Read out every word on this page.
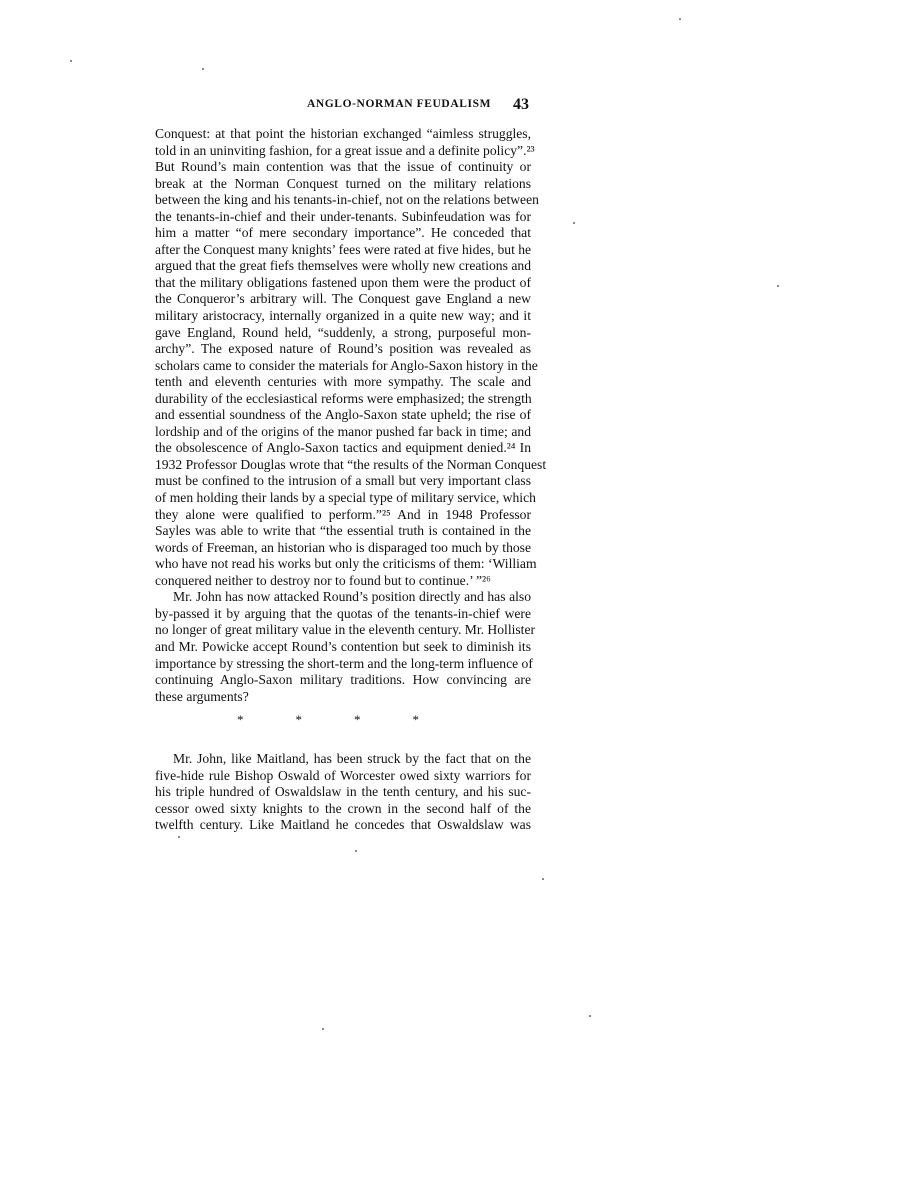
ANGLO-NORMAN FEUDALISM	43
Conquest: at that point the historian exchanged “aimless struggles,
told in an uninviting fashion, for a great issue and a definite policy”.²³
But Round’s main contention was that the issue of continuity or
break at the Norman Conquest turned on the military relations
between the king and his tenants-in-chief, not on the relations between
the tenants-in-chief and their under-tenants. Subinfeudation was for
him a matter “of mere secondary importance”. He conceded that
after the Conquest many knights’ fees were rated at five hides, but he
argued that the great fiefs themselves were wholly new creations and
that the military obligations fastened upon them were the product of
the Conqueror’s arbitrary will. The Conquest gave England a new
military aristocracy, internally organized in a quite new way; and it
gave England, Round held, “suddenly, a strong, purposeful mon-
archy”. The exposed nature of Round’s position was revealed as
scholars came to consider the materials for Anglo-Saxon history in the
tenth and eleventh centuries with more sympathy. The scale and
durability of the ecclesiastical reforms were emphasized; the strength
and essential soundness of the Anglo-Saxon state upheld; the rise of
lordship and of the origins of the manor pushed far back in time; and
the obsolescence of Anglo-Saxon tactics and equipment denied.²⁴ In
1932 Professor Douglas wrote that “the results of the Norman Conquest
must be confined to the intrusion of a small but very important class
of men holding their lands by a special type of military service, which
they alone were qualified to perform.”²⁵ And in 1948 Professor
Sayles was able to write that “the essential truth is contained in the
words of Freeman, an historian who is disparaged too much by those
who have not read his works but only the criticisms of them: ‘William
conquered neither to destroy nor to found but to continue.’ ”²⁶
Mr. John has now attacked Round’s position directly and has also
by-passed it by arguing that the quotas of the tenants-in-chief were
no longer of great military value in the eleventh century. Mr. Hollister
and Mr. Powicke accept Round’s contention but seek to diminish its
importance by stressing the short-term and the long-term influence of
continuing Anglo-Saxon military traditions. How convincing are
these arguments?
*	*	*	*
Mr. John, like Maitland, has been struck by the fact that on the
five-hide rule Bishop Oswald of Worcester owed sixty warriors for
his triple hundred of Oswaldslaw in the tenth century, and his suc-
cessor owed sixty knights to the crown in the second half of the
twelfth century. Like Maitland he concedes that Oswaldslaw was
